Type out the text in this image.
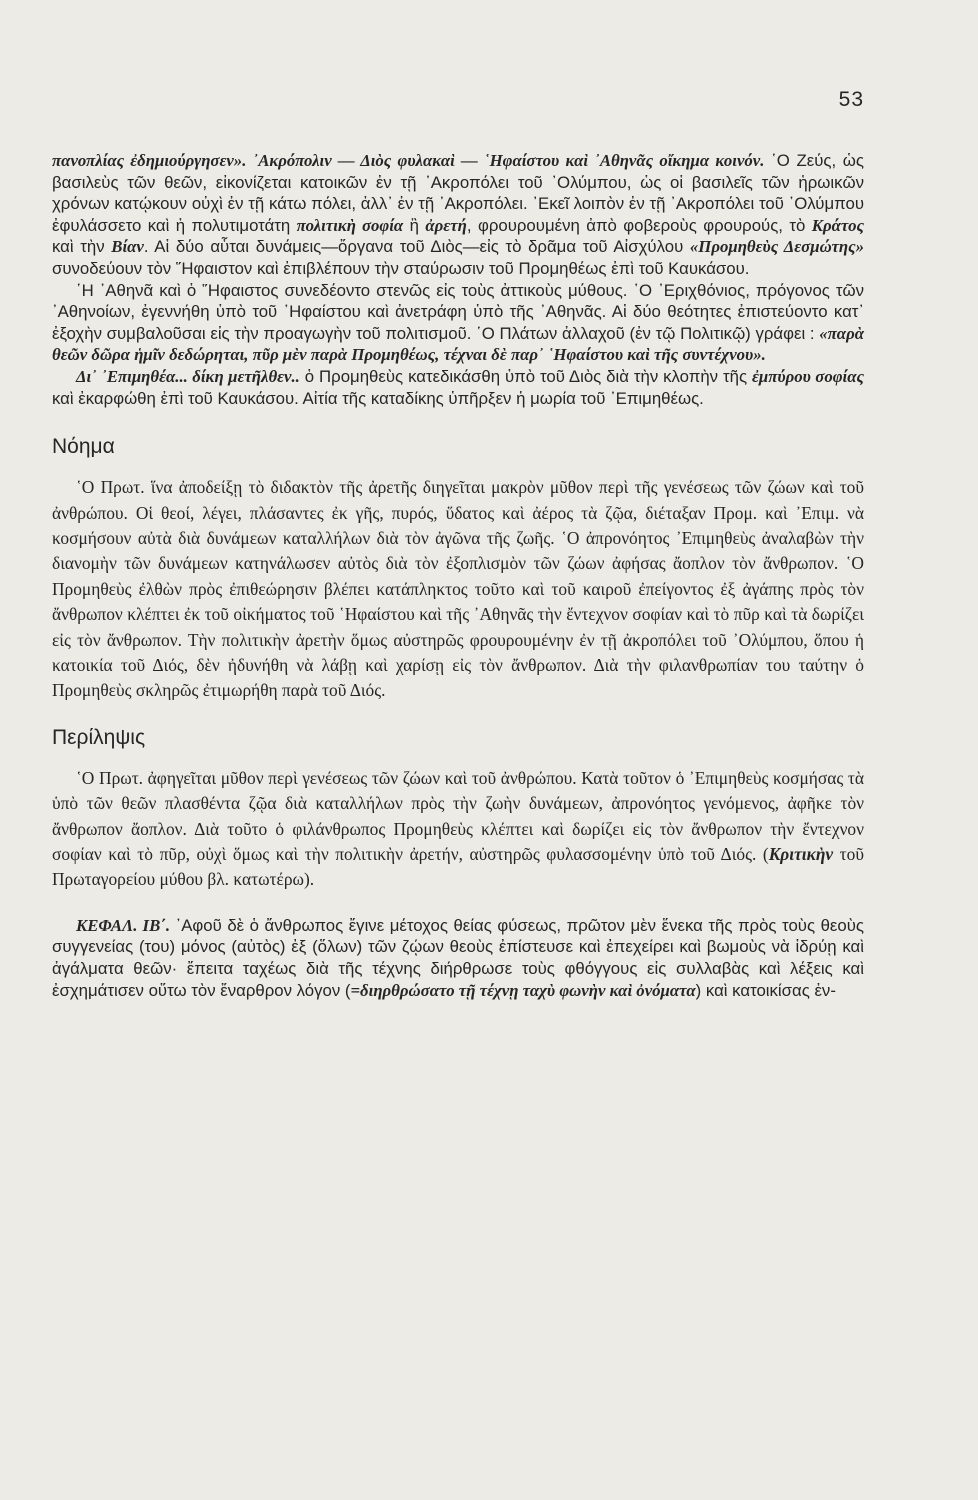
53

πανοπλίας ἐδημιούργησεν». ᾿Ακρόπολιν — Διὸς φυλακαὶ — ῾Ηφαίστου καὶ ᾿Αθηνᾶς οἴκημα κοινόν. ῾Ο Ζεύς, ὡς βασιλεὺς τῶν θεῶν, εἰκονίζεται κατοικῶν ἐν τῇ ᾿Ακροπόλει τοῦ ᾿Ολύμπου, ὡς οἱ βασιλεῖς τῶν ἡρωικῶν χρόνων κατῴκουν οὐχὶ ἐν τῇ κάτω πόλει, ἀλλ᾿ ἐν τῇ ᾿Ακροπόλει. ᾿Εκεῖ λοιπὸν ἐν τῇ ᾿Ακροπόλει τοῦ ᾿Ολύμπου ἐφυλάσσετο καὶ ἡ πολυτιμοτάτη πολιτικὴ σοφία ἢ ἀρετή, φρουρουμένη ἀπὸ φοβεροὺς φρουρούς, τὸ Κράτος καὶ τὴν Βίαν. Αἱ δύο αὗται δυνάμεις—ὄργανα τοῦ Διὸς—εἰς τὸ δρᾶμα τοῦ Αἰσχύλου «Προμηθεὺς Δεσμώτης» συνοδεύουν τὸν ῞Ηφαιστον καὶ ἐπιβλέπουν τὴν σταύρωσιν τοῦ Προμηθέως ἐπὶ τοῦ Καυκάσου.

῾Η ᾿Αθηνᾶ καὶ ὁ ῞Ηφαιστος συνεδέοντο στενῶς εἰς τοὺς ἀττικοὺς μύθους. ῾Ο ᾿Εριχθόνιος, πρόγονος τῶν ᾿Αθηνοίων, ἐγεννήθη ὑπὸ τοῦ ῾Ηφαίστου καὶ ἀνετράφη ὑπὸ τῆς ᾿Αθηνᾶς. Αἱ δύο θεότητες ἐπιστεύοντο κατ᾿ ἐξοχὴν συμβαλοῦσαι εἰς τὴν προαγωγὴν τοῦ πολιτισμοῦ. ῾Ο Πλάτων ἀλλαχοῦ (ἐν τῷ Πολιτικῷ) γράφει : «παρὰ θεῶν δῶρα ἡμῖν δεδώρηται, πῦρ μὲν παρὰ Προμηθέως, τέχναι δὲ παρ᾿ ῾Ηφαίστου καὶ τῆς συντέχνου».

Δι᾿ ᾿Επιμηθέα... δίκη μετῆλθεν.. ὁ Προμηθεὺς κατεδικάσθη ὑπὸ τοῦ Διὸς διὰ τὴν κλοπὴν τῆς ἐμπύρου σοφίας καὶ ἐκαρφώθη ἐπὶ τοῦ Καυκάσου. Αἰτία τῆς καταδίκης ὑπῆρξεν ἡ μωρία τοῦ ᾿Επιμηθέως.

Νόημα

῾Ο Πρωτ. ἵνα ἀποδείξῃ τὸ διδακτὸν τῆς ἀρετῆς διηγεῖται μακρὸν μῦθον περὶ τῆς γενέσεως τῶν ζώων καὶ τοῦ ἀνθρώπου. Οἱ θεοί, λέγει, πλάσαντες ἐκ γῆς, πυρός, ὕδατος καὶ ἀέρος τὰ ζῷα, διέταξαν Προμ. καὶ ᾿Επιμ. νὰ κοσμήσουν αὐτὰ διὰ δυνάμεων καταλλήλων διὰ τὸν ἀγῶνα τῆς ζωῆς. ῾Ο ἀπρονόητος ᾿Επιμηθεὺς ἀναλαβὼν τὴν διανομὴν τῶν δυνάμεων κατηνάλωσεν αὐτὸς διὰ τὸν ἐξοπλισμὸν τῶν ζώων ἀφήσας ἄοπλον τὸν ἄνθρωπον. ῾Ο Προμηθεὺς ἐλθὼν πρὸς ἐπιθεώρησιν βλέπει κατάπληκτος τοῦτο καὶ τοῦ καιροῦ ἐπείγοντος ἐξ ἀγάπης πρὸς τὸν ἄνθρωπον κλέπτει ἐκ τοῦ οἰκήματος τοῦ ῾Ηφαίστου καὶ τῆς ᾿Αθηνᾶς τὴν ἔντεχνον σοφίαν καὶ τὸ πῦρ καὶ τὰ δωρίζει εἰς τὸν ἄνθρωπον. Τὴν πολιτικὴν ἀρετὴν ὅμως αὐστηρῶς φρουρουμένην ἐν τῇ ἀκροπόλει τοῦ ᾿Ολύμπου, ὅπου ἡ κατοικία τοῦ Διός, δὲν ἠδυνήθη νὰ λάβῃ καὶ χαρίσῃ εἰς τὸν ἄνθρωπον. Διὰ τὴν φιλανθρωπίαν του ταύτην ὁ Προμηθεὺς σκληρῶς ἐτιμωρήθη παρὰ τοῦ Διός.

Περίληψις

῾Ο Πρωτ. ἀφηγεῖται μῦθον περὶ γενέσεως τῶν ζώων καὶ τοῦ ἀνθρώπου. Κατὰ τοῦτον ὁ ᾿Επιμηθεὺς κοσμήσας τὰ ὑπὸ τῶν θεῶν πλασθέντα ζῷα διὰ καταλλήλων πρὸς τὴν ζωὴν δυνάμεων, ἀπρονόητος γενόμενος, ἀφῆκε τὸν ἄνθρωπον ἄοπλον. Διὰ τοῦτο ὁ φιλάνθρωπος Προμηθεὺς κλέπτει καὶ δωρίζει εἰς τὸν ἄνθρωπον τὴν ἔντεχνον σοφίαν καὶ τὸ πῦρ, οὐχὶ ὅμως καὶ τὴν πολιτικὴν ἀρετήν, αὐστηρῶς φυλασσομένην ὑπὸ τοῦ Διός. (Κριτικὴν τοῦ Πρωταγορείου μύθου βλ. κατωτέρω).

ΚΕΦΑΛ. ΙΒ΄. ᾿Αφοῦ δὲ ὁ ἄνθρωπος ἔγινε μέτοχος θείας φύσεως, πρῶτον μὲν ἕνεκα τῆς πρὸς τοὺς θεοὺς συγγενείας (του) μόνος (αὐτὸς) ἐξ (ὅλων) τῶν ζῴων θεοὺς ἐπίστευσε καὶ ἐπεχείρει καὶ βωμοὺς νὰ ἱδρύῃ καὶ ἀγάλματα θεῶν· ἔπειτα ταχέως διὰ τῆς τέχνης διήρθρωσε τοὺς φθόγγους εἰς συλλαβὰς καὶ λέξεις καὶ ἐσχημάτισεν οὕτω τὸν ἔναρθρον λόγον (=διηρθρώσατο τῇ τέχνῃ ταχὺ φωνὴν καὶ ὀνόματα) καὶ κατοικίσας ἐν-
